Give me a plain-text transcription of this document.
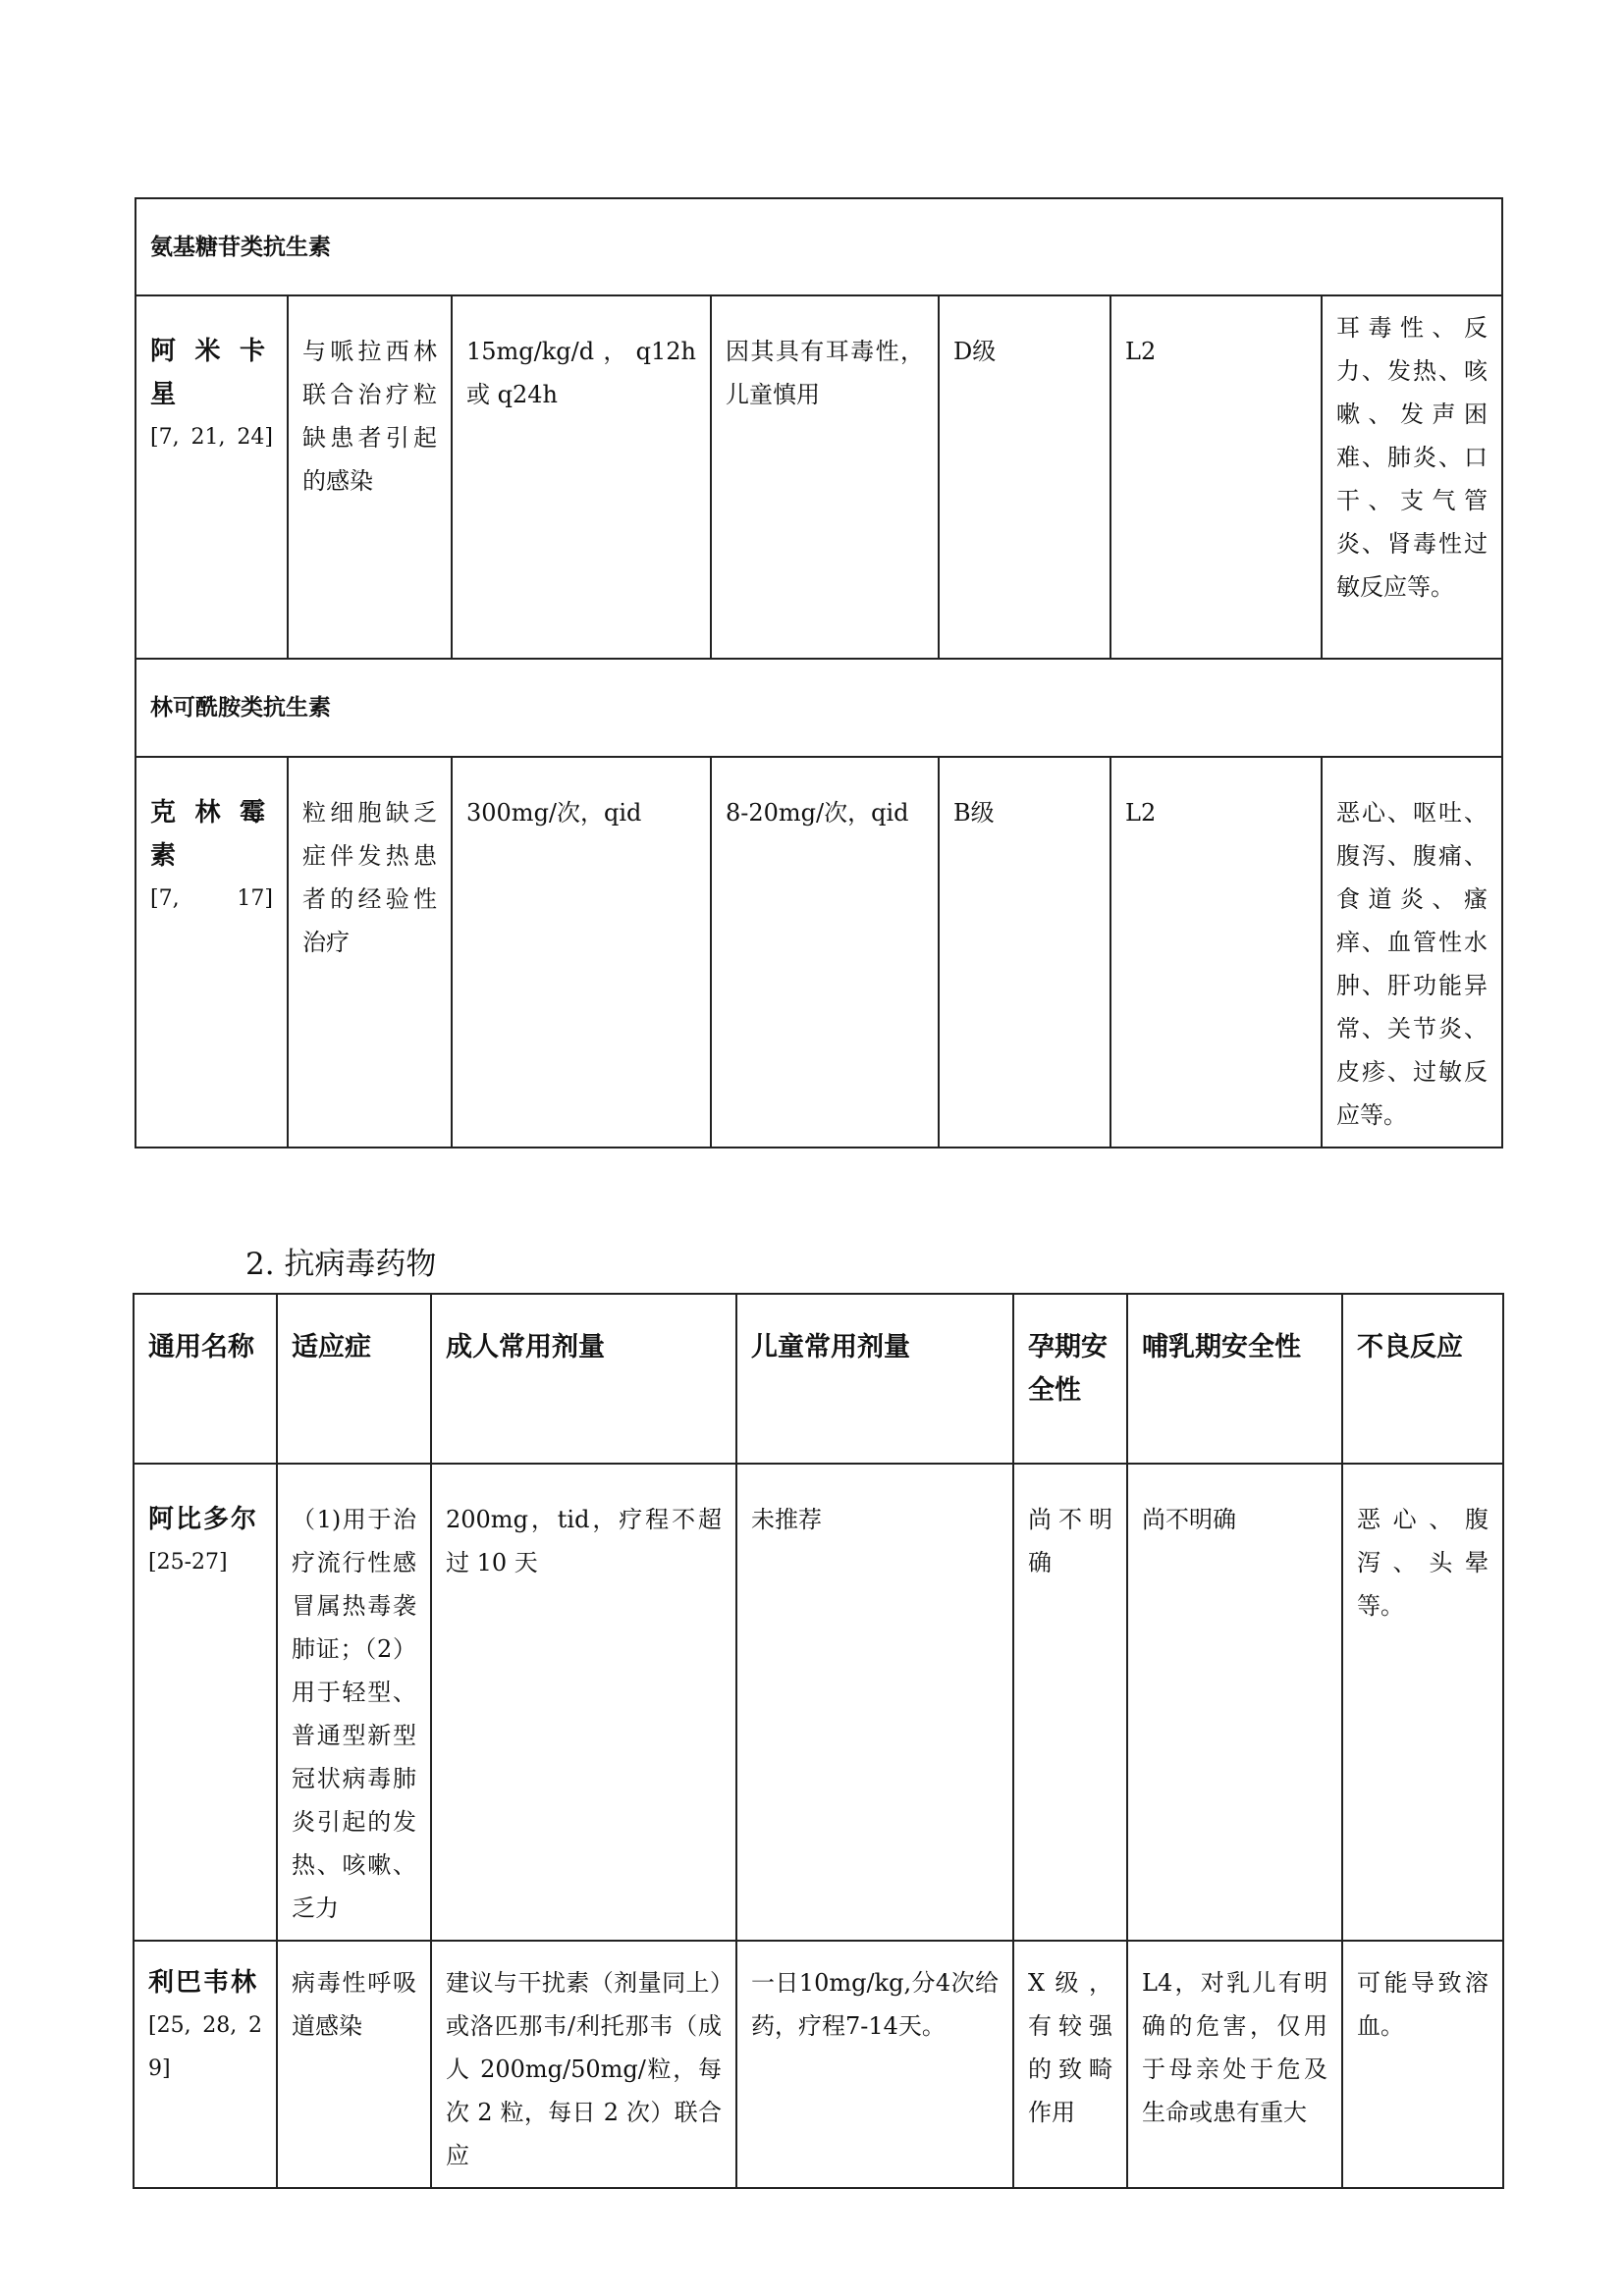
氨基糖苷类抗生素						

阿米卡星
[7, 21, 24]	与哌拉西林联合治疗粒缺患者引起的感染	15mg/kg/d，q12h 或 q24h	因其具有耳毒性，儿童慎用	D级	L2	耳毒性、反力、发热、咳嗽、发声困难、肺炎、口干、支气管炎、肾毒性过敏反应等。
林可酰胺类抗生素						

克林霉素
[7, 17]	粒细胞缺乏症伴发热患者的经验性治疗	300mg/次，qid	8-20mg/次，qid	B级	L2	恶心、呕吐、腹泻、腹痛、食道炎、瘙痒、血管性水肿、肝功能异常、关节炎、皮疹、过敏反应等。
2. 抗病毒药物
通用名称	适应症	成人常用剂量	儿童常用剂量	孕期安全性	哺乳期安全性	不良反应

阿比多尔
[25-27]	（1)用于治疗流行性感冒属热毒袭肺证；（2）用于轻型、普通型新型冠状病毒肺炎引起的发热、咳嗽、乏力	200mg，tid，疗程不超过 10 天	未推荐	尚不明确	尚不明确	恶心、腹泻、头晕等。

利巴韦林
[25, 28, 29]	病毒性呼吸道感染	建议与干扰素（剂量同上）或洛匹那韦/利托那韦（成人 200mg/50mg/粒，每次 2 粒，每日 2 次）联合应	一日10mg/kg,分4次给药，疗程7-14天。	X级，有较强的致畸作用	L4，对乳儿有明确的危害，仅用于母亲处于危及生命或患有重大	可能导致溶血。
